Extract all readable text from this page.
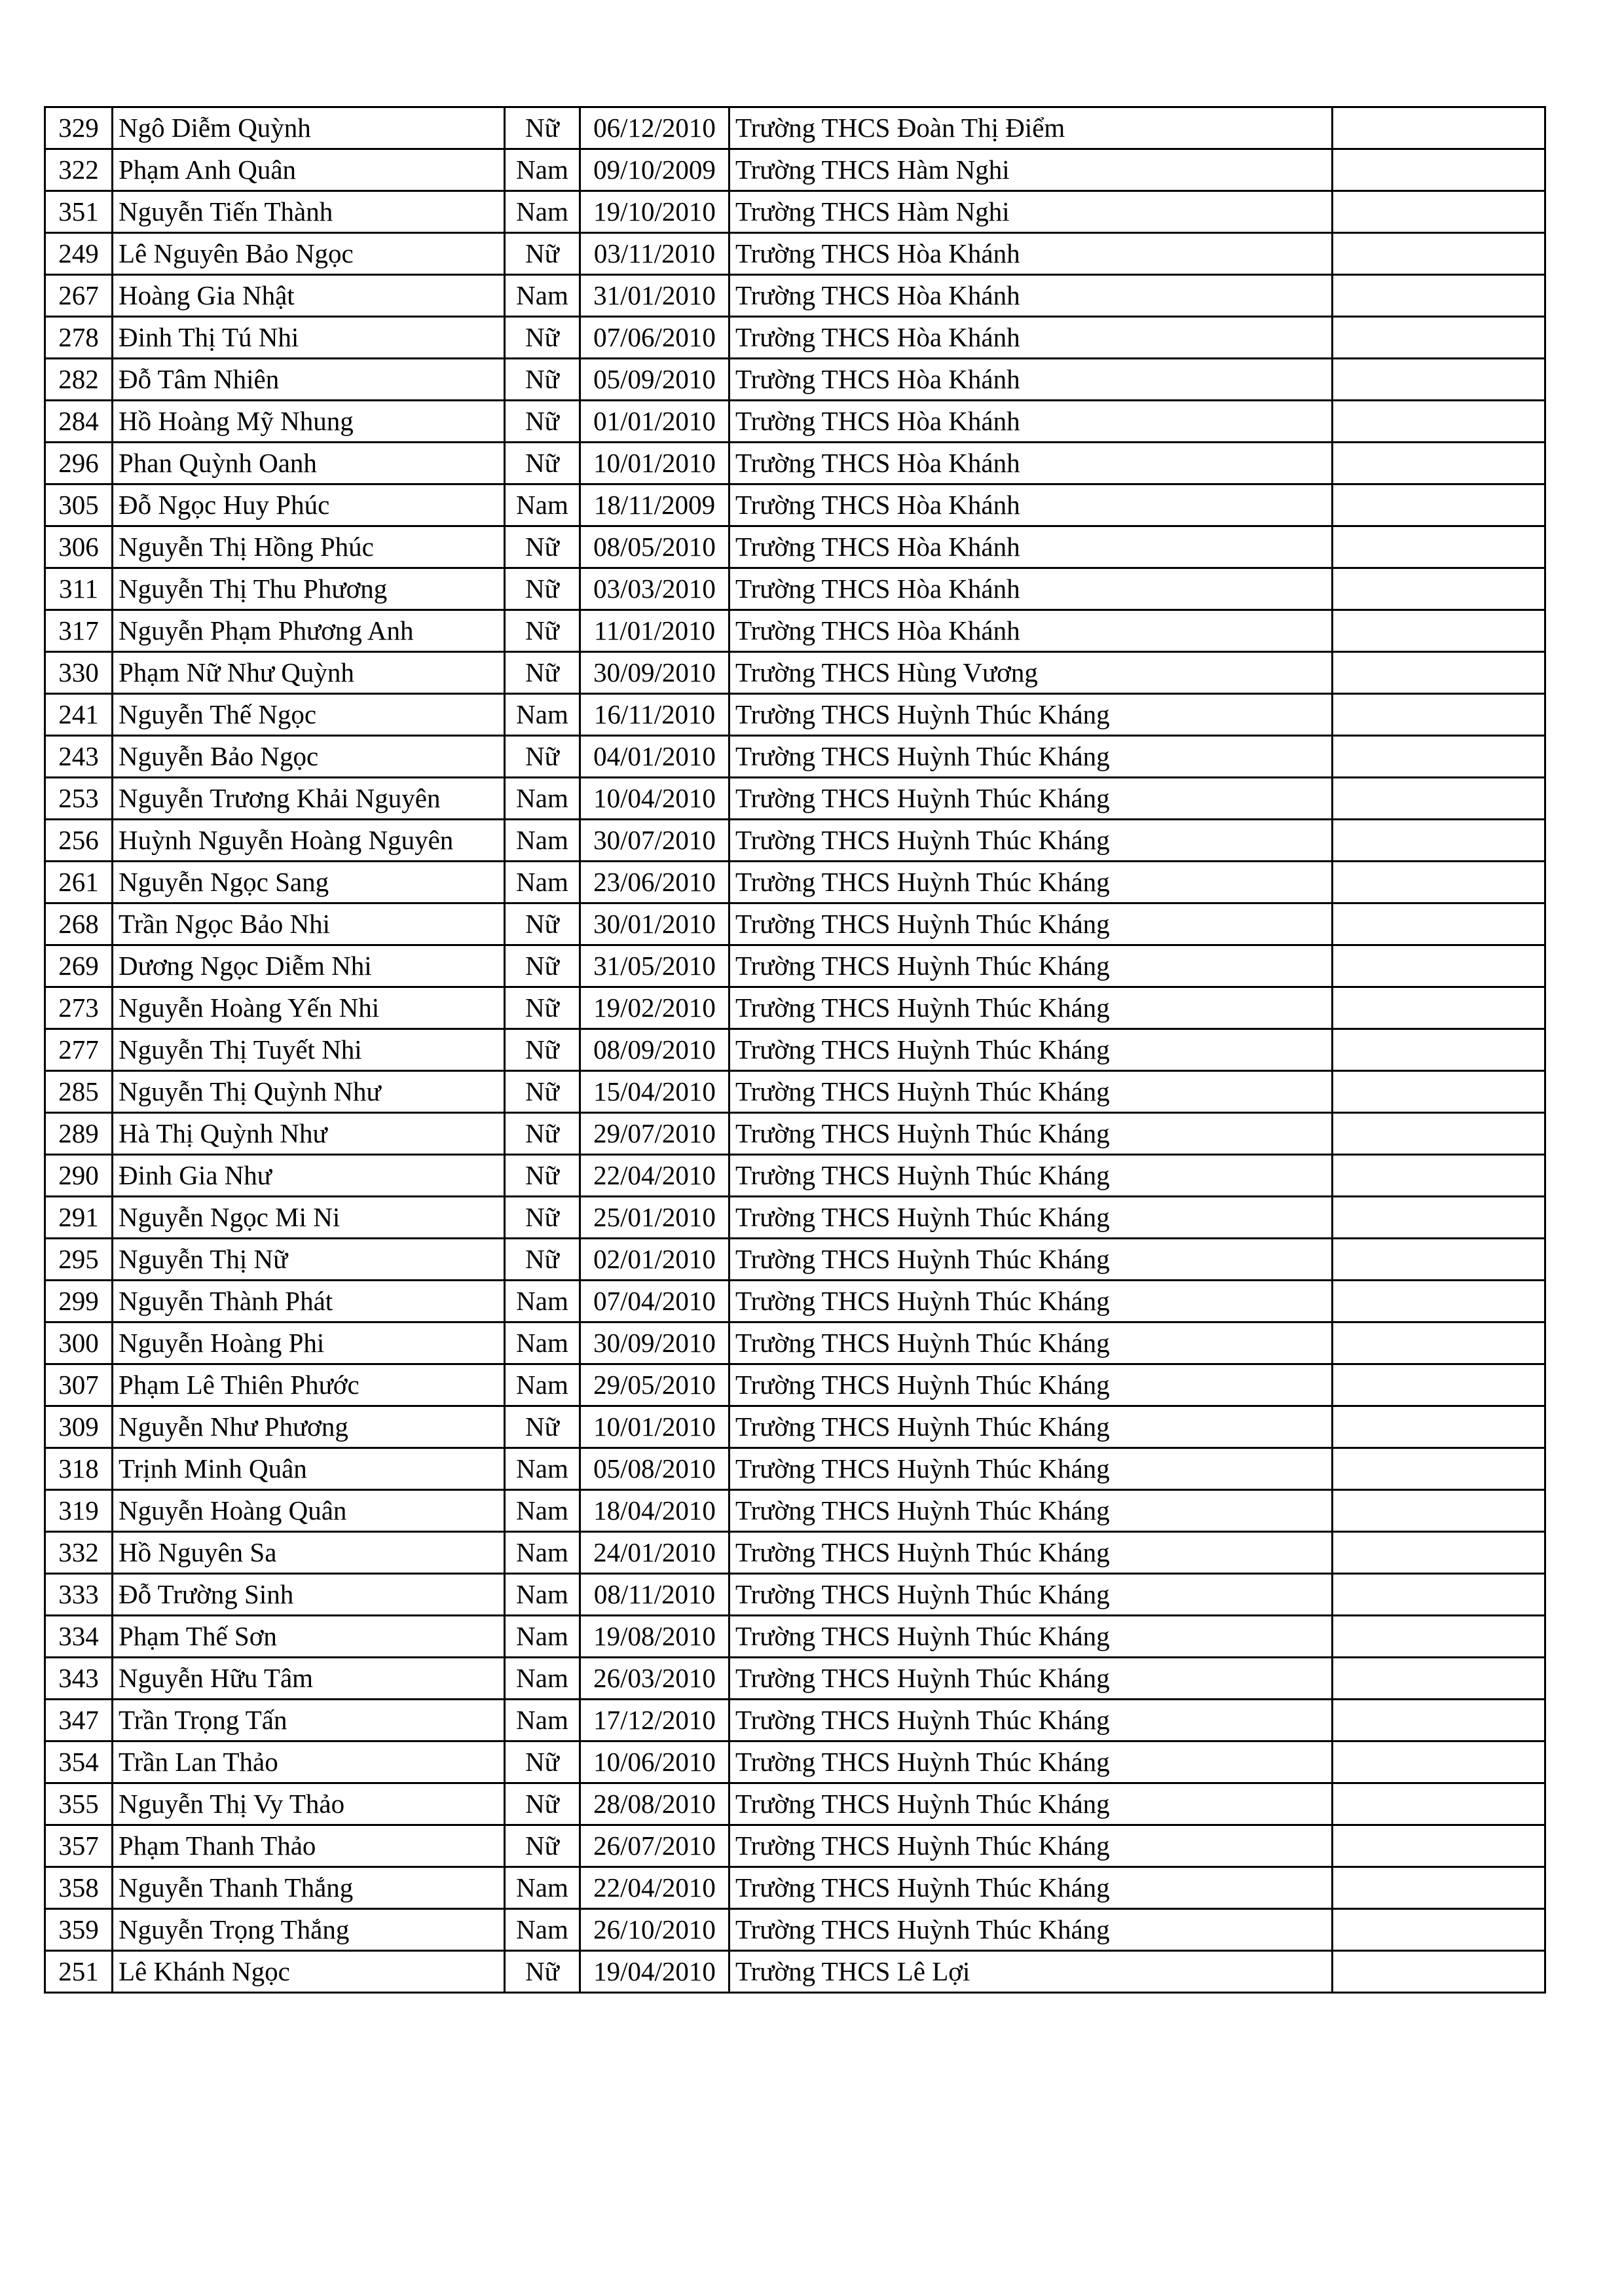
329	Ngô Diễm Quỳnh	Nữ	06/12/2010	Trường THCS Đoàn Thị Điểm	
322	Phạm Anh Quân	Nam	09/10/2009	Trường THCS Hàm Nghi	
351	Nguyễn Tiến Thành	Nam	19/10/2010	Trường THCS Hàm Nghi	
249	Lê Nguyên Bảo Ngọc	Nữ	03/11/2010	Trường THCS Hòa Khánh	
267	Hoàng Gia Nhật	Nam	31/01/2010	Trường THCS Hòa Khánh	
278	Đinh Thị Tú Nhi	Nữ	07/06/2010	Trường THCS Hòa Khánh	
282	Đỗ Tâm Nhiên	Nữ	05/09/2010	Trường THCS Hòa Khánh	
284	Hồ Hoàng Mỹ Nhung	Nữ	01/01/2010	Trường THCS Hòa Khánh	
296	Phan Quỳnh Oanh	Nữ	10/01/2010	Trường THCS Hòa Khánh	
305	Đỗ Ngọc Huy Phúc	Nam	18/11/2009	Trường THCS Hòa Khánh	
306	Nguyễn Thị Hồng Phúc	Nữ	08/05/2010	Trường THCS Hòa Khánh	
311	Nguyễn Thị Thu Phương	Nữ	03/03/2010	Trường THCS Hòa Khánh	
317	Nguyễn Phạm Phương Anh	Nữ	11/01/2010	Trường THCS Hòa Khánh	
330	Phạm Nữ Như Quỳnh	Nữ	30/09/2010	Trường THCS Hùng Vương	
241	Nguyễn Thế Ngọc	Nam	16/11/2010	Trường THCS Huỳnh Thúc Kháng	
243	Nguyễn Bảo Ngọc	Nữ	04/01/2010	Trường THCS Huỳnh Thúc Kháng	
253	Nguyễn Trương Khải Nguyên	Nam	10/04/2010	Trường THCS Huỳnh Thúc Kháng	
256	Huỳnh Nguyễn Hoàng Nguyên	Nam	30/07/2010	Trường THCS Huỳnh Thúc Kháng	
261	Nguyễn Ngọc Sang	Nam	23/06/2010	Trường THCS Huỳnh Thúc Kháng	
268	Trần Ngọc Bảo Nhi	Nữ	30/01/2010	Trường THCS Huỳnh Thúc Kháng	
269	Dương Ngọc Diễm Nhi	Nữ	31/05/2010	Trường THCS Huỳnh Thúc Kháng	
273	Nguyễn Hoàng Yến Nhi	Nữ	19/02/2010	Trường THCS Huỳnh Thúc Kháng	
277	Nguyễn Thị Tuyết Nhi	Nữ	08/09/2010	Trường THCS Huỳnh Thúc Kháng	
285	Nguyễn Thị Quỳnh Như	Nữ	15/04/2010	Trường THCS Huỳnh Thúc Kháng	
289	Hà Thị Quỳnh Như	Nữ	29/07/2010	Trường THCS Huỳnh Thúc Kháng	
290	Đinh Gia Như	Nữ	22/04/2010	Trường THCS Huỳnh Thúc Kháng	
291	Nguyễn Ngọc Mi Ni	Nữ	25/01/2010	Trường THCS Huỳnh Thúc Kháng	
295	Nguyễn Thị Nữ	Nữ	02/01/2010	Trường THCS Huỳnh Thúc Kháng	
299	Nguyễn Thành Phát	Nam	07/04/2010	Trường THCS Huỳnh Thúc Kháng	
300	Nguyễn Hoàng Phi	Nam	30/09/2010	Trường THCS Huỳnh Thúc Kháng	
307	Phạm Lê Thiên Phước	Nam	29/05/2010	Trường THCS Huỳnh Thúc Kháng	
309	Nguyễn Như Phương	Nữ	10/01/2010	Trường THCS Huỳnh Thúc Kháng	
318	Trịnh Minh Quân	Nam	05/08/2010	Trường THCS Huỳnh Thúc Kháng	
319	Nguyễn Hoàng Quân	Nam	18/04/2010	Trường THCS Huỳnh Thúc Kháng	
332	Hồ Nguyên Sa	Nam	24/01/2010	Trường THCS Huỳnh Thúc Kháng	
333	Đỗ Trường Sinh	Nam	08/11/2010	Trường THCS Huỳnh Thúc Kháng	
334	Phạm Thế Sơn	Nam	19/08/2010	Trường THCS Huỳnh Thúc Kháng	
343	Nguyễn Hữu Tâm	Nam	26/03/2010	Trường THCS Huỳnh Thúc Kháng	
347	Trần Trọng Tấn	Nam	17/12/2010	Trường THCS Huỳnh Thúc Kháng	
354	Trần Lan Thảo	Nữ	10/06/2010	Trường THCS Huỳnh Thúc Kháng	
355	Nguyễn Thị Vy Thảo	Nữ	28/08/2010	Trường THCS Huỳnh Thúc Kháng	
357	Phạm Thanh Thảo	Nữ	26/07/2010	Trường THCS Huỳnh Thúc Kháng	
358	Nguyễn Thanh Thắng	Nam	22/04/2010	Trường THCS Huỳnh Thúc Kháng	
359	Nguyễn Trọng Thắng	Nam	26/10/2010	Trường THCS Huỳnh Thúc Kháng	
251	Lê Khánh Ngọc	Nữ	19/04/2010	Trường THCS Lê Lợi	
